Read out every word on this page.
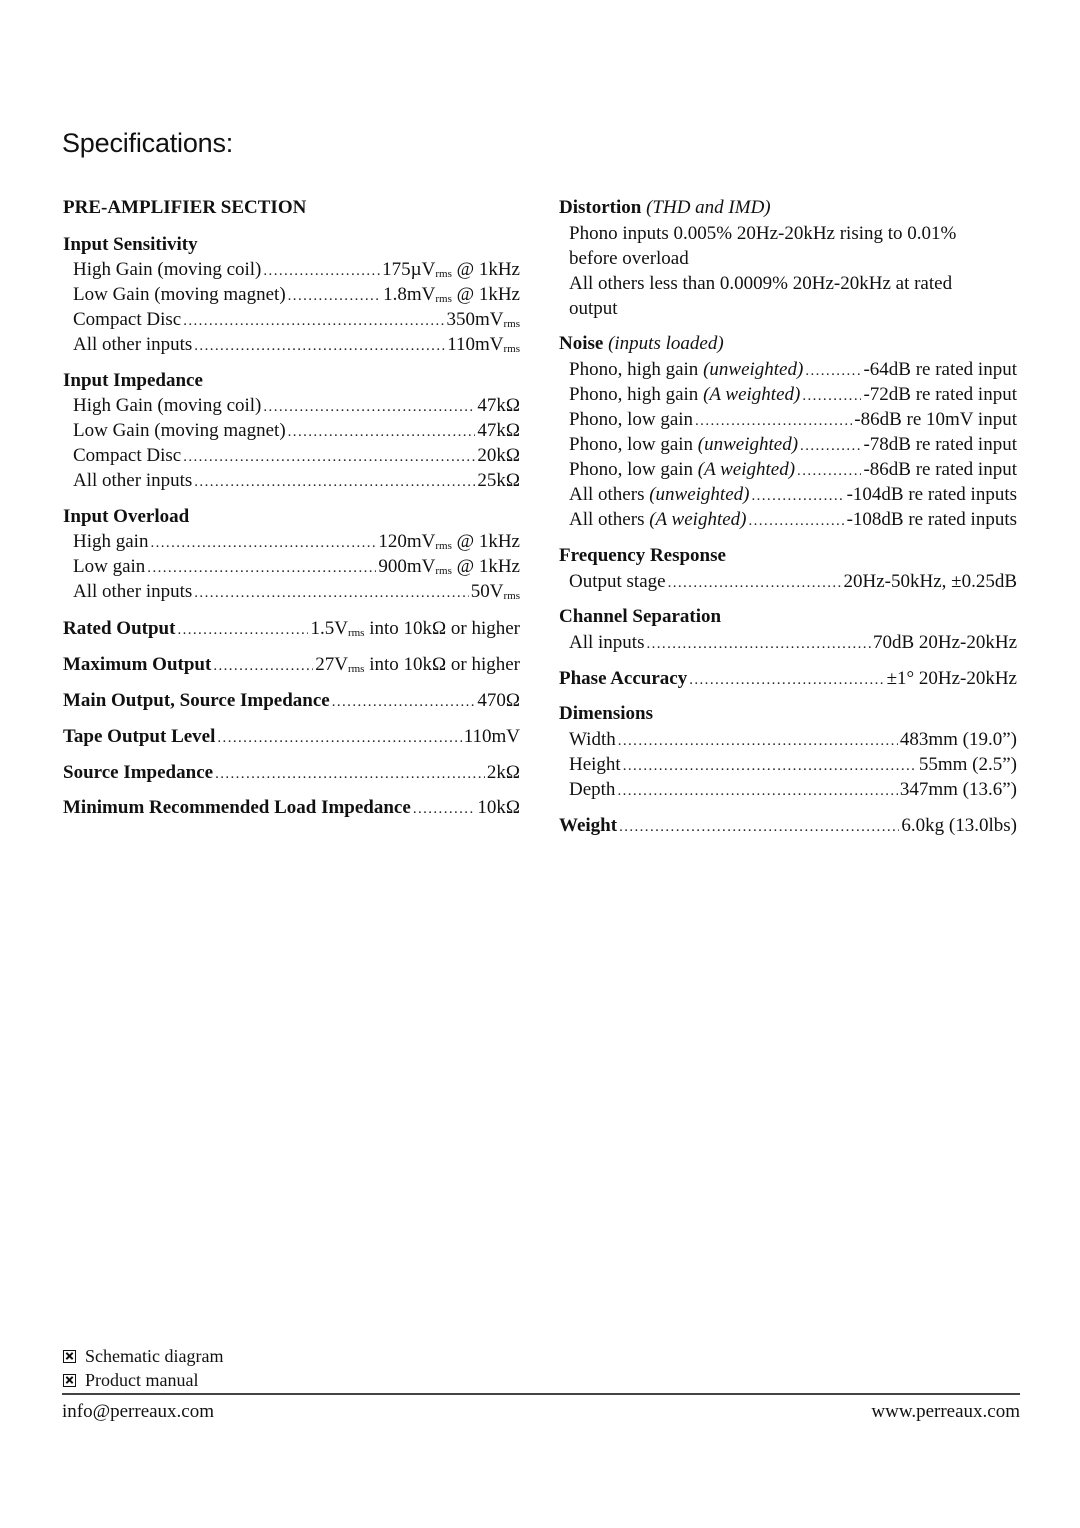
Specifications:
PRE-AMPLIFIER SECTION
Input Sensitivity
High Gain (moving coil) .....	175µV$_{rms}$ @ 1kHz
Low Gain (moving magnet) .....	$1.8mV_{rms}$ @ 1kHz
Compact Disc .....	$350mV_{rms}$
All other inputs .....	$110mV_{rms}$
Input Impedance
High Gain (moving coil) .....	47kΩ
Low Gain (moving magnet) .....	47kΩ
Compact Disc .....	20kΩ
All other inputs .....	25kΩ
Input Overload
High gain .....	$120mV_{rms}$ @ 1kHz
Low gain .....	$900mV_{rms}$ @ 1kHz
All other inputs .....	$50V_{rms}$
Rated Output .....	$1.5V_{rms}$ into 10kΩ or higher
Maximum Output .....	$27V_{rms}$ into 10kΩ or higher
Main Output, Source Impedance .....	470Ω
Tape Output Level .....	110mV
Source Impedance .....	2kΩ
Minimum Recommended Load Impedance .....	10kΩ
Distortion (THD and IMD)
Phono inputs 0.005% 20Hz-20kHz rising to 0.01%
before overload
All others less than 0.0009% 20Hz-20kHz at rated
output
Noise (inputs loaded)
Phono, high gain (unweighted) .....	-64dB re rated input
Phono, high gain (A weighted) .....	-72dB re rated input
Phono, low gain .....	-86dB re 10mV input
Phono, low gain (unweighted) .....	-78dB re rated input
Phono, low gain (A weighted) .....	-86dB re rated input
All others (unweighted) .....	-104dB re rated inputs
All others (A weighted) .....	-108dB re rated inputs
Frequency Response
Output stage .....	20Hz-50kHz, ±0.25dB
Channel Separation
All inputs .....	70dB 20Hz-20kHz
Phase Accuracy .....	±1° 20Hz-20kHz
Dimensions
Width .....	483mm (19.0”)
Height .....	55mm (2.5”)
Depth .....	347mm (13.6”)
Weight .....	6.0kg (13.0lbs)
Schematic diagram
Product manual
info@perreaux.com	www.perreaux.com
